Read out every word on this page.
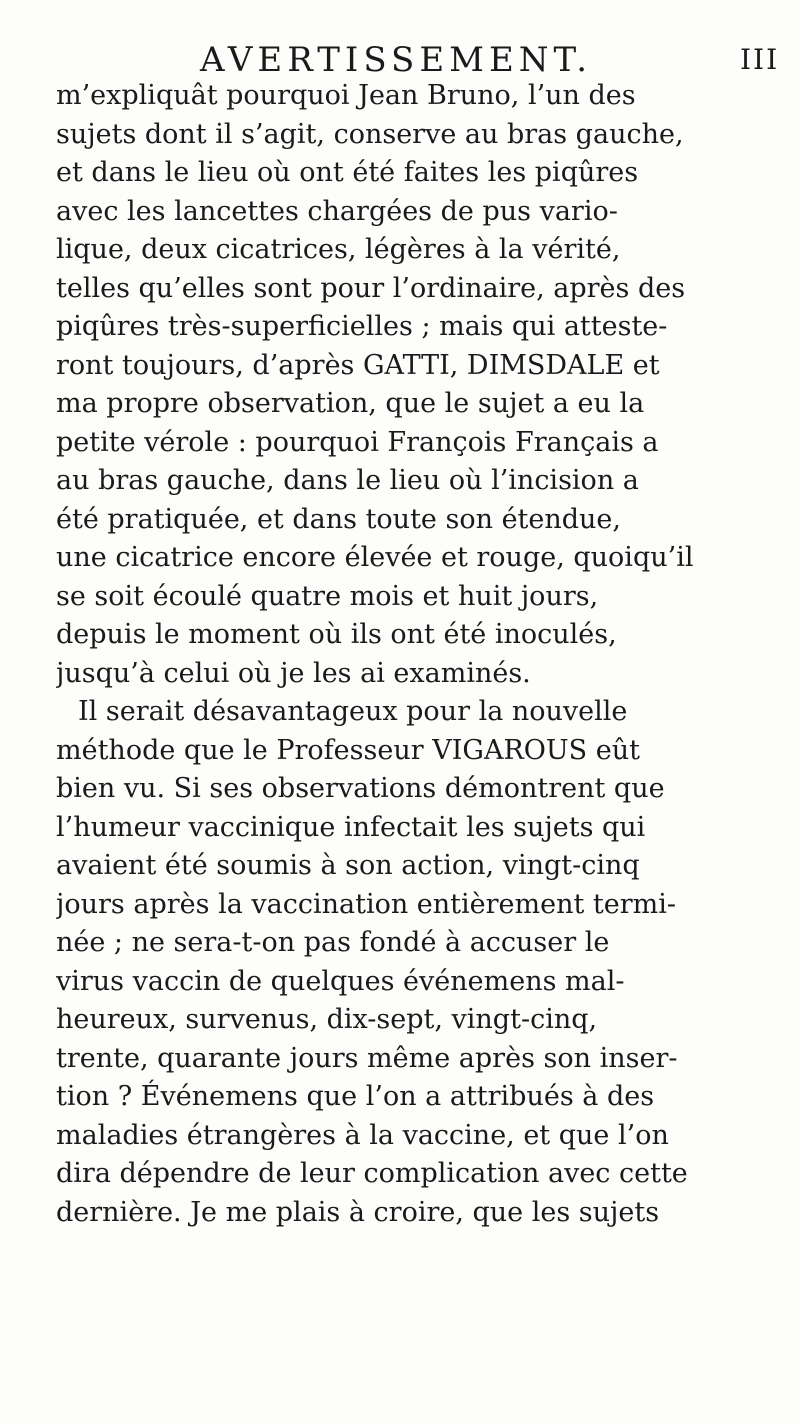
AVERTISSEMENT.	III
m’expliquât pourquoi Jean Bruno, l’un des
sujets dont il s’agit, conserve au bras gauche,
et dans le lieu où ont été faites les piqûres
avec les lancettes chargées de pus vario-
lique, deux cicatrices, légères à la vérité,
telles qu’elles sont pour l’ordinaire, après des
piqûres très-superficielles ; mais qui atteste-
ront toujours, d’après GATTI, DIMSDALE et
ma propre observation, que le sujet a eu la
petite vérole : pourquoi François Français a
au bras gauche, dans le lieu où l’incision a
été pratiquée, et dans toute son étendue,
une cicatrice encore élevée et rouge, quoiqu’il
se soit écoulé quatre mois et huit jours,
depuis le moment où ils ont été inoculés,
jusqu’à celui où je les ai examinés.
Il serait désavantageux pour la nouvelle
méthode que le Professeur VIGAROUS eût
bien vu. Si ses observations démontrent que
l’humeur vaccinique infectait les sujets qui
avaient été soumis à son action, vingt-cinq
jours après la vaccination entièrement termi-
née ; ne sera-t-on pas fondé à accuser le
virus vaccin de quelques événemens mal-
heureux, survenus, dix-sept, vingt-cinq,
trente, quarante jours même après son inser-
tion ? Événemens que l’on a attribués à des
maladies étrangères à la vaccine, et que l’on
dira dépendre de leur complication avec cette
dernière. Je me plais à croire, que les sujets
